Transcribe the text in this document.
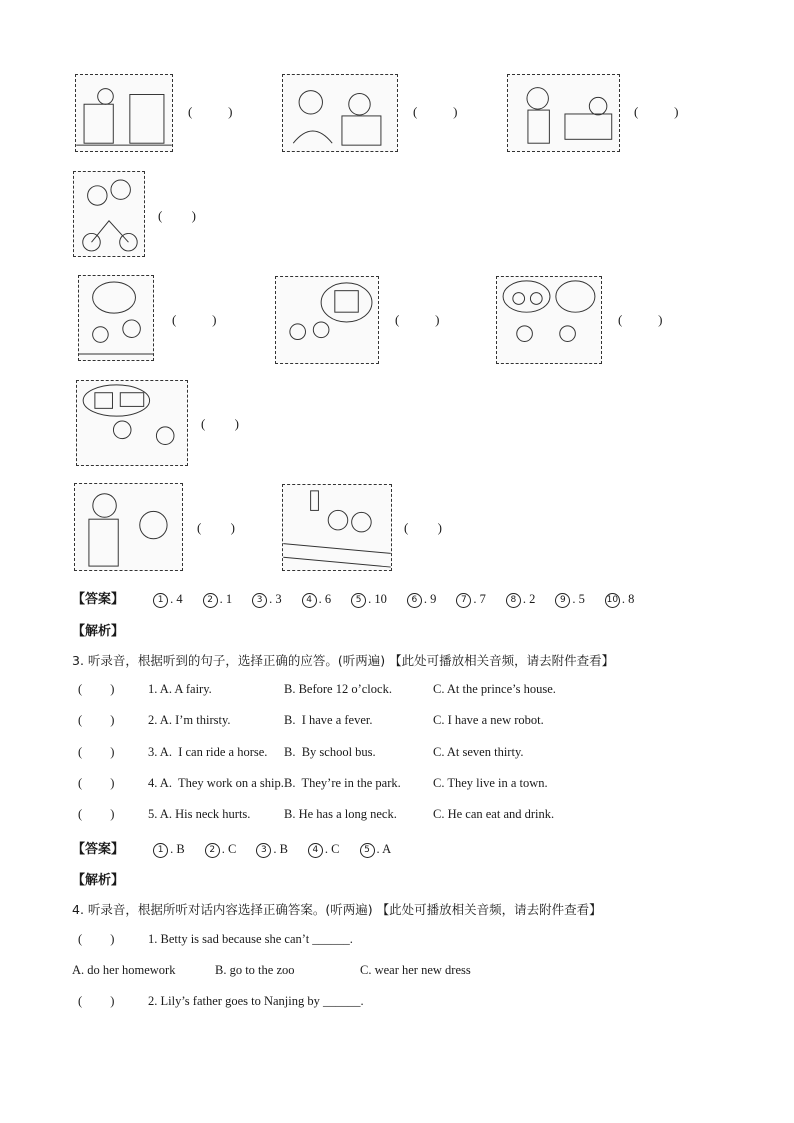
(           )	(           )	(           )
(         )
(           )	(           )	(           )
(         )
(         )	(         )
【答案】	1 . 4	2 . 1	3 . 3	4 . 6	5 . 10	6 . 9	7 . 7	8 . 2	9 . 5 10 . 8
【解析】
3. 听录音，根据听到的句子，选择正确的应答。(听两遍) 【此处可播放相关音频，请去附件查看】
(         )	1. A. A fairy.	B. Before 12 o’clock.	C. At the prince’s house.
(         )	2. A. I’m thirsty.	B.  I have a fever.	C. I have a new robot.
(         )	3. A.  I can ride a horse. B.  By school bus.	C. At seven thirty.
(         )	4. A.  They work on a ship. B.  They’re in the park.	C. They live in a town.
(         )	5. A. His neck hurts.	B. He has a long neck.	C. He can eat and drink.
【答案】	1 . B	2 . C	3 . B	4 . C	5 . A
【解析】
4. 听录音，根据所听对话内容选择正确答案。(听两遍) 【此处可播放相关音频，请去附件查看】
(         )	1. Betty is sad because she can’t ______.
A. do her homework	B. go to the zoo	C. wear her new dress
(         )	2. Lily’s father goes to Nanjing by ______.
